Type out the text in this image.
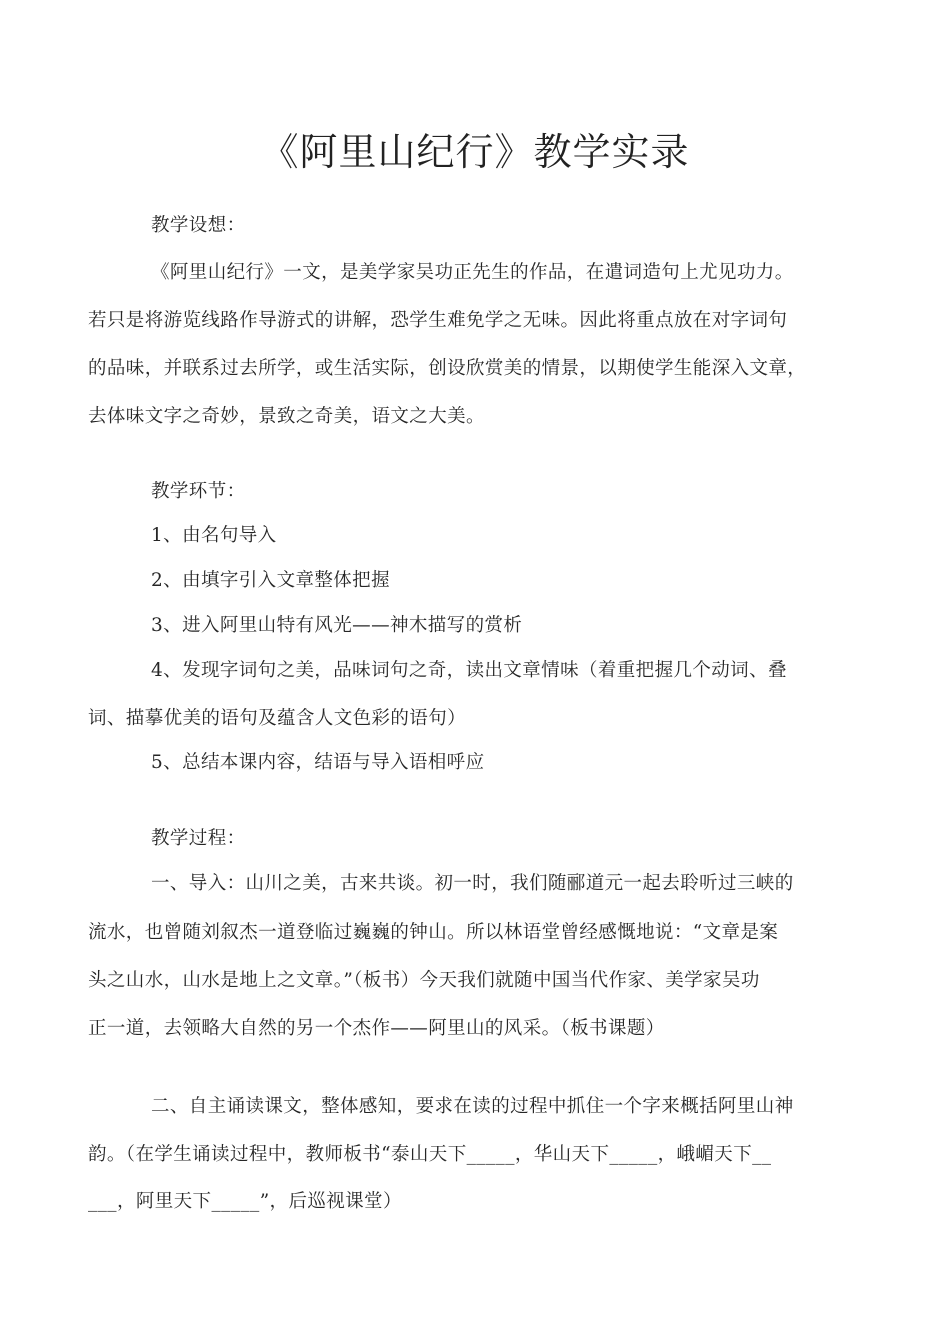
《阿里山纪行》教学实录
教学设想：
《阿里山纪行》一文，是美学家吴功正先生的作品，在遣词造句上尤见功力。
若只是将游览线路作导游式的讲解，恐学生难免学之无味。因此将重点放在对字词句
的品味，并联系过去所学，或生活实际，创设欣赏美的情景，以期使学生能深入文章，
去体味文字之奇妙，景致之奇美，语文之大美。
教学环节：
1、由名句导入
2、由填字引入文章整体把握
3、进入阿里山特有风光——神木描写的赏析
4、发现字词句之美，品味词句之奇，读出文章情味（着重把握几个动词、叠
词、描摹优美的语句及蕴含人文色彩的语句）
5、总结本课内容，结语与导入语相呼应
教学过程：
一、导入：山川之美，古来共谈。初一时，我们随郦道元一起去聆听过三峡的
流水，也曾随刘叙杰一道登临过巍巍的钟山。所以林语堂曾经感慨地说：“文章是案
头之山水，山水是地上之文章。”（板书）今天我们就随中国当代作家、美学家吴功
正一道，去领略大自然的另一个杰作——阿里山的风采。（板书课题）
二、自主诵读课文，整体感知，要求在读的过程中抓住一个字来概括阿里山神
韵。（在学生诵读过程中，教师板书“泰山天下_____，华山天下_____，峨嵋天下__
___，阿里天下_____”，后巡视课堂）
